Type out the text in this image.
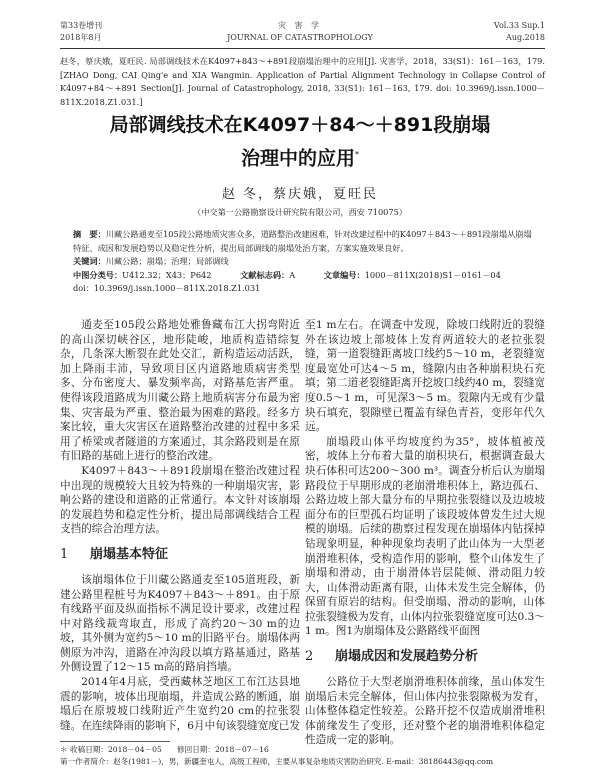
第33卷增刊
2018年8月
灾 害 学
JOURNAL OF CATASTROPHOLOGY
Vol.33 Sup.1
Aug.2018
赵冬，蔡庆娥，夏旺民. 局部调线技术在K4097+843～+891段崩塌治理中的应用[J]. 灾害学，2018，33(S1)：161－163，179. [ZHAO Dong, CAI Qing'e and XIA Wangmin. Application of Partial Alignment Technology in Collapse Control of K4097+84～+891 Section[J]. Journal of Catastrophology, 2018, 33(S1): 161－163, 179. doi: 10.3969/j.issn.1000－811X.2018.Z1.031.]
局部调线技术在K4097＋84～＋891段崩塌
治理中的应用*
赵 冬，蔡庆娥，夏旺民
（中交第一公路勘察设计研究院有限公司，西安 710075）
摘　要：川藏公路通麦至105段公路地质灾害众多，道路整治改建困难，针对改建过程中的K4097＋843～＋891段崩塌从崩塌特征、成因和发展趋势以及稳定性分析，提出局部调线的崩塌处治方案，方案实施效果良好。
关键词：川藏公路；崩塌；治理；局部调线
中图分类号：U412.32；X43；P642	文献标志码：A	文章编号：1000－811X(2018)S1－0161－04
doi：10.3969/j.issn.1000－811X.2018.Z1.031

通麦至105段公路地处雅鲁藏布江大拐弯附近的高山深切峡谷区，地形陡峻，地质构造错综复杂，几条深大断裂在此处交汇，新构造运动活跃，加上降雨丰沛，导致项目区内道路地质病害类型多、分布密度大、暴发频率高，对路基危害严重。使得该段道路成为川藏公路上地质病害分布最为密集、灾害最为严重、整治最为困难的路段。经多方案比较，重大灾害区在道路整治改建的过程中多采用了桥梁或者隧道的方案通过，其余路段则是在原有旧路的基础上进行的整治改建。

K4097＋843～＋891段崩塌在整治改建过程中出现的规模较大且较为特殊的一种崩塌灾害，影响公路的建设和道路的正常通行。本文针对该崩塌的发展趋势和稳定性分析，提出局部调线结合工程支挡的综合治理方法。

1 崩塌基本特征

该崩塌体位于川藏公路通麦至105道班段，新建公路里程桩号为K4097＋843～＋891。由于原有线路平面及纵面指标不满足设计要求，改建过程中对路线裁弯取直，形成了高约20～30 m的边坡，其外侧为宽约5～10 m的旧路平台。崩塌体两侧原为冲沟，道路在冲沟段以填方路基通过，路基外侧设置了12～15 m高的路肩挡墙。

2014年4月底，受西藏林芝地区工布江达县地震的影响，坡体出现崩塌，并造成公路的断通，崩塌后在原坡坡口线附近产生宽约20 cm的拉张裂缝。在连续降雨的影响下，6月中旬该裂缝宽度已发

至1 m左右。在调查中发现，除坡口线附近的裂缝外在该边坡上部坡体上发育两道较大的老拉张裂缝，第一道裂缝距离坡口线约5～10 m，老裂缝宽度最宽处可达4～5 m，缝隙内由各种崩积块石充填；第二道老裂缝距离开挖坡口线约40 m，裂缝宽度0.5～1 m，可见深3～5 m。裂隙内无或有少量块石填充，裂隙壁已覆盖有绿色青苔，变形年代久远。

崩塌段山体平均坡度约为35°，坡体植被茂密，坡体上分布着大量的崩积块石，根据调查最大块石体积可达200～300 m³。调查分析后认为崩塌路段位于早期形成的老崩滑堆积体上，路边孤石、公路边坡上部大量分布的早期拉张裂缝以及边坡坡面分布的巨型孤石均证明了该段坡体曾发生过大规模的崩塌。后续的勘察过程发现在崩塌体内钻探掉钻现象明显，种种现象均表明了此山体为一大型老崩滑堆积体，受构造作用的影响，整个山体发生了崩塌和滑动，由于崩滑体岩层陡倾、滑动阻力较大，山体滑动距离有限，山体未发生完全解体，仍保留有原岩的结构。但受崩塌、滑动的影响，山体拉张裂缝极为发育，山体内拉张裂缝宽度可达0.3～1 m。图1为崩塌体及公路路线平面图

2 崩塌成因和发展趋势分析

公路位于大型老崩滑堆积体前缘，虽山体发生崩塌后未完全解体，但山体内拉张裂隙极为发育，山体整体稳定性较差。公路开挖不仅造成崩滑堆积体前缘发生了变形，还对整个老的崩滑堆积体稳定性造成一定的影响。

＊ 收稿日期：2018－04－05　　修回日期：2018－07－16
第一作者简介：赵冬(1981－)，男，新疆奎屯人，高级工程师，主要从事复杂地质灾害防治研究. E-mail：38186443@qq.com
